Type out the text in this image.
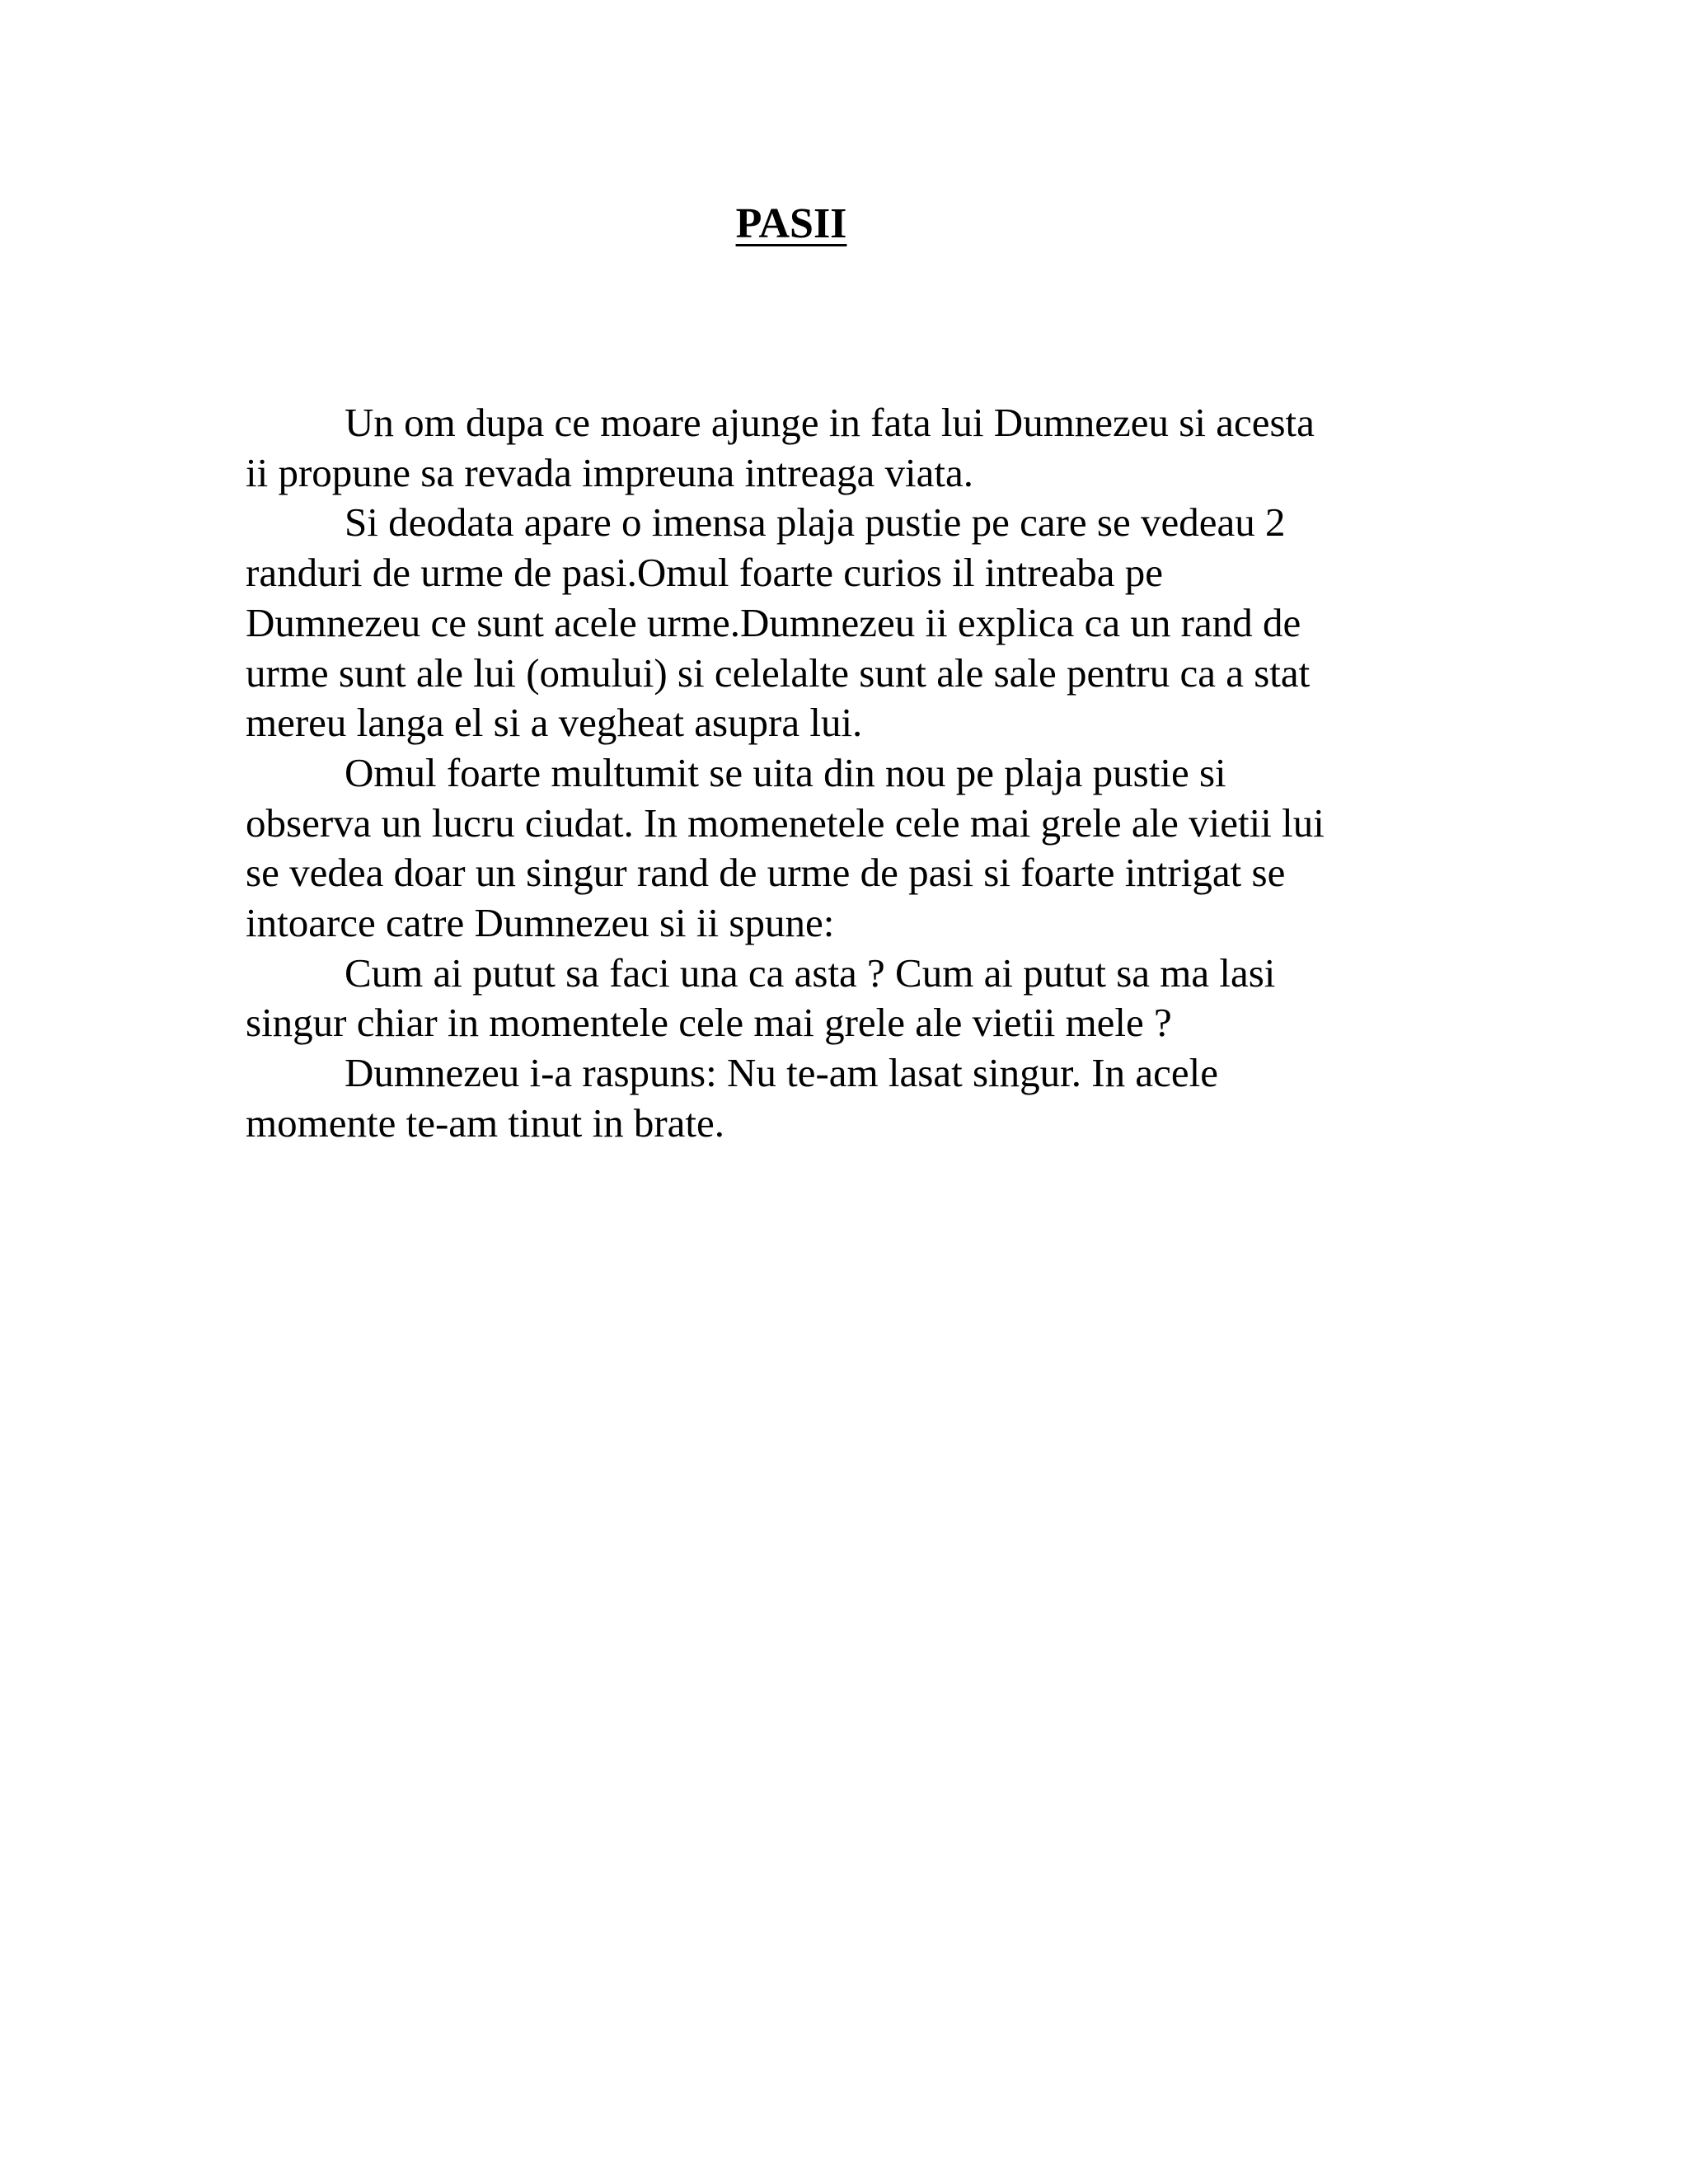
PASII

Un om dupa ce moare ajunge in fata lui Dumnezeu si acesta
ii propune sa revada impreuna intreaga viata.

Si deodata apare o imensa plaja pustie pe care se vedeau 2
randuri de urme de pasi.Omul foarte curios il intreaba pe
Dumnezeu ce sunt acele urme.Dumnezeu ii explica ca un rand de
urme sunt ale lui (omului) si celelalte sunt ale sale pentru ca a stat
mereu langa el si a vegheat asupra lui.

Omul foarte multumit se uita din nou pe plaja pustie si
observa un lucru ciudat. In momenetele cele mai grele ale vietii lui
se vedea doar un singur rand de urme de pasi si foarte intrigat se
intoarce catre Dumnezeu si ii spune:

Cum ai putut sa faci una ca asta ? Cum ai putut sa ma lasi
singur chiar in momentele cele mai grele ale vietii mele ?

Dumnezeu i-a raspuns: Nu te-am lasat singur. In acele
momente te-am tinut in brate.
